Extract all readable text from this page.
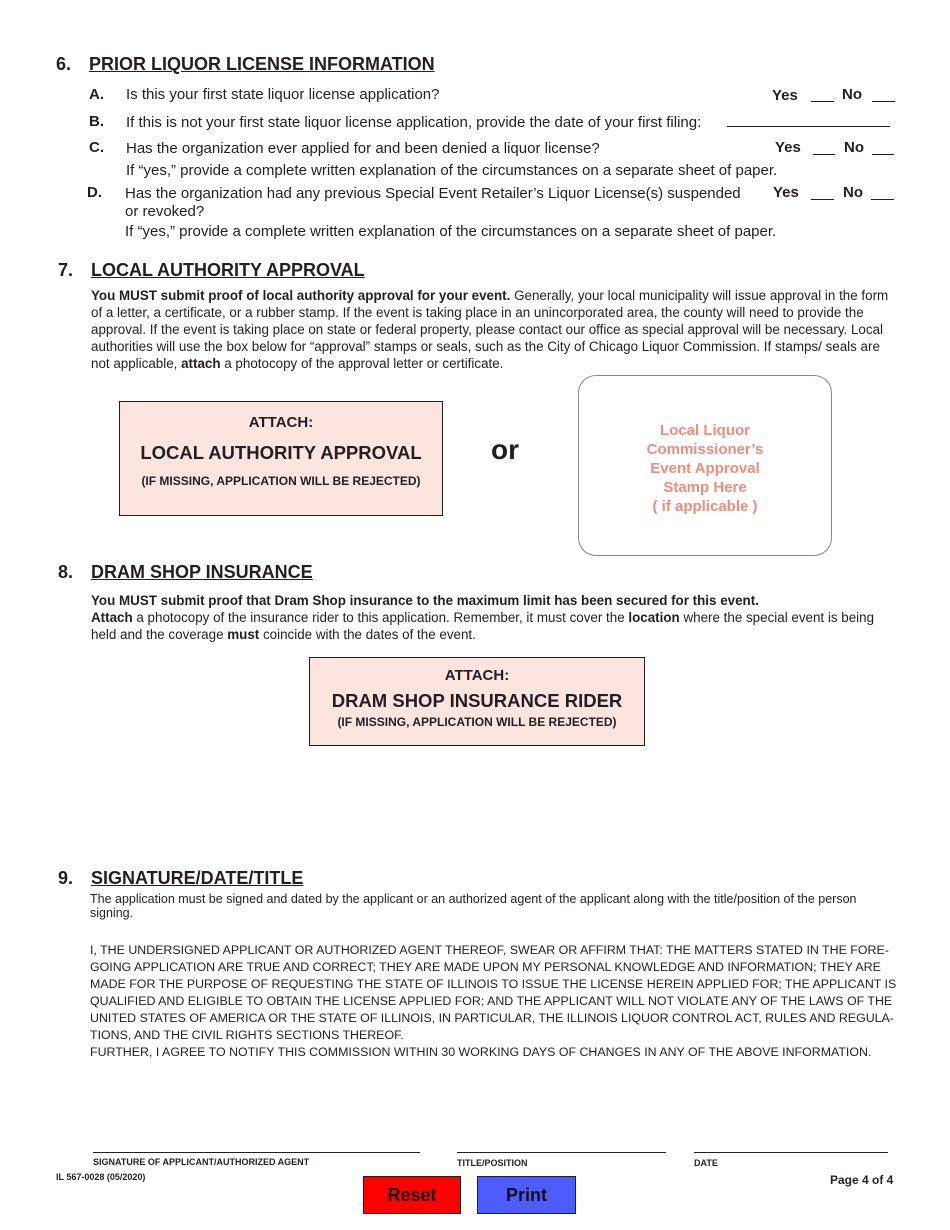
6. PRIOR LIQUOR LICENSE INFORMATION
A. Is this your first state liquor license application?	Yes	No
B. If this is not your first state liquor license application, provide the date of your first filing:
C. Has the organization ever applied for and been denied a liquor license?	Yes	No
If “yes,” provide a complete written explanation of the circumstances on a separate sheet of paper.
D. Has the organization had any previous Special Event Retailer’s Liquor License(s) suspended
or revoked?
Yes	No
If “yes,” provide a complete written explanation of the circumstances on a separate sheet of paper.
7. LOCAL AUTHORITY APPROVAL
You MUST submit proof of local authority approval for your event. Generally, your local municipality will issue approval in the form of a letter, a certificate, or a rubber stamp. If the event is taking place in an unincorporated area, the county will need to provide the approval. If the event is taking place on state or federal property, please contact our office as special approval will be necessary. Local authorities will use the box below for “approval” stamps or seals, such as the City of Chicago Liquor Commission. If stamps/ seals are not applicable, attach a photocopy of the approval letter or certificate.
ATTACH:
LOCAL AUTHORITY APPROVAL
(IF MISSING, APPLICATION WILL BE REJECTED)
or
Local Liquor
Commissioner’s
Event Approval
Stamp Here
( if applicable )
8. DRAM SHOP INSURANCE
You MUST submit proof that Dram Shop insurance to the maximum limit has been secured for this event.
Attach a photocopy of the insurance rider to this application. Remember, it must cover the location where the special event is being held and the coverage must coincide with the dates of the event.
ATTACH:
DRAM SHOP INSURANCE RIDER
(IF MISSING, APPLICATION WILL BE REJECTED)
9. SIGNATURE/DATE/TITLE
The application must be signed and dated by the applicant or an authorized agent of the applicant along with the title/position of the person signing.
I, THE UNDERSIGNED APPLICANT OR AUTHORIZED AGENT THEREOF, SWEAR OR AFFIRM THAT: THE MATTERS STATED IN THE FORE- GOING APPLICATION ARE TRUE AND CORRECT; THEY ARE MADE UPON MY PERSONAL KNOWLEDGE AND INFORMATION; THEY ARE MADE FOR THE PURPOSE OF REQUESTING THE STATE OF ILLINOIS TO ISSUE THE LICENSE HEREIN APPLIED FOR; THE APPLICANT IS QUALIFIED AND ELIGIBLE TO OBTAIN THE LICENSE APPLIED FOR; AND THE APPLICANT WILL NOT VIOLATE ANY OF THE LAWS OF THE UNITED STATES OF AMERICA OR THE STATE OF ILLINOIS, IN PARTICULAR, THE ILLINOIS LIQUOR CONTROL ACT, RULES AND REGULA- TIONS, AND THE CIVIL RIGHTS SECTIONS THEREOF.
FURTHER, I AGREE TO NOTIFY THIS COMMISSION WITHIN 30 WORKING DAYS OF CHANGES IN ANY OF THE ABOVE INFORMATION.
SIGNATURE OF APPLICANT/AUTHORIZED AGENT	TITLE/POSITION	DATE
IL 567-0028 (05/2020)	Page 4 of 4
Reset	Print
